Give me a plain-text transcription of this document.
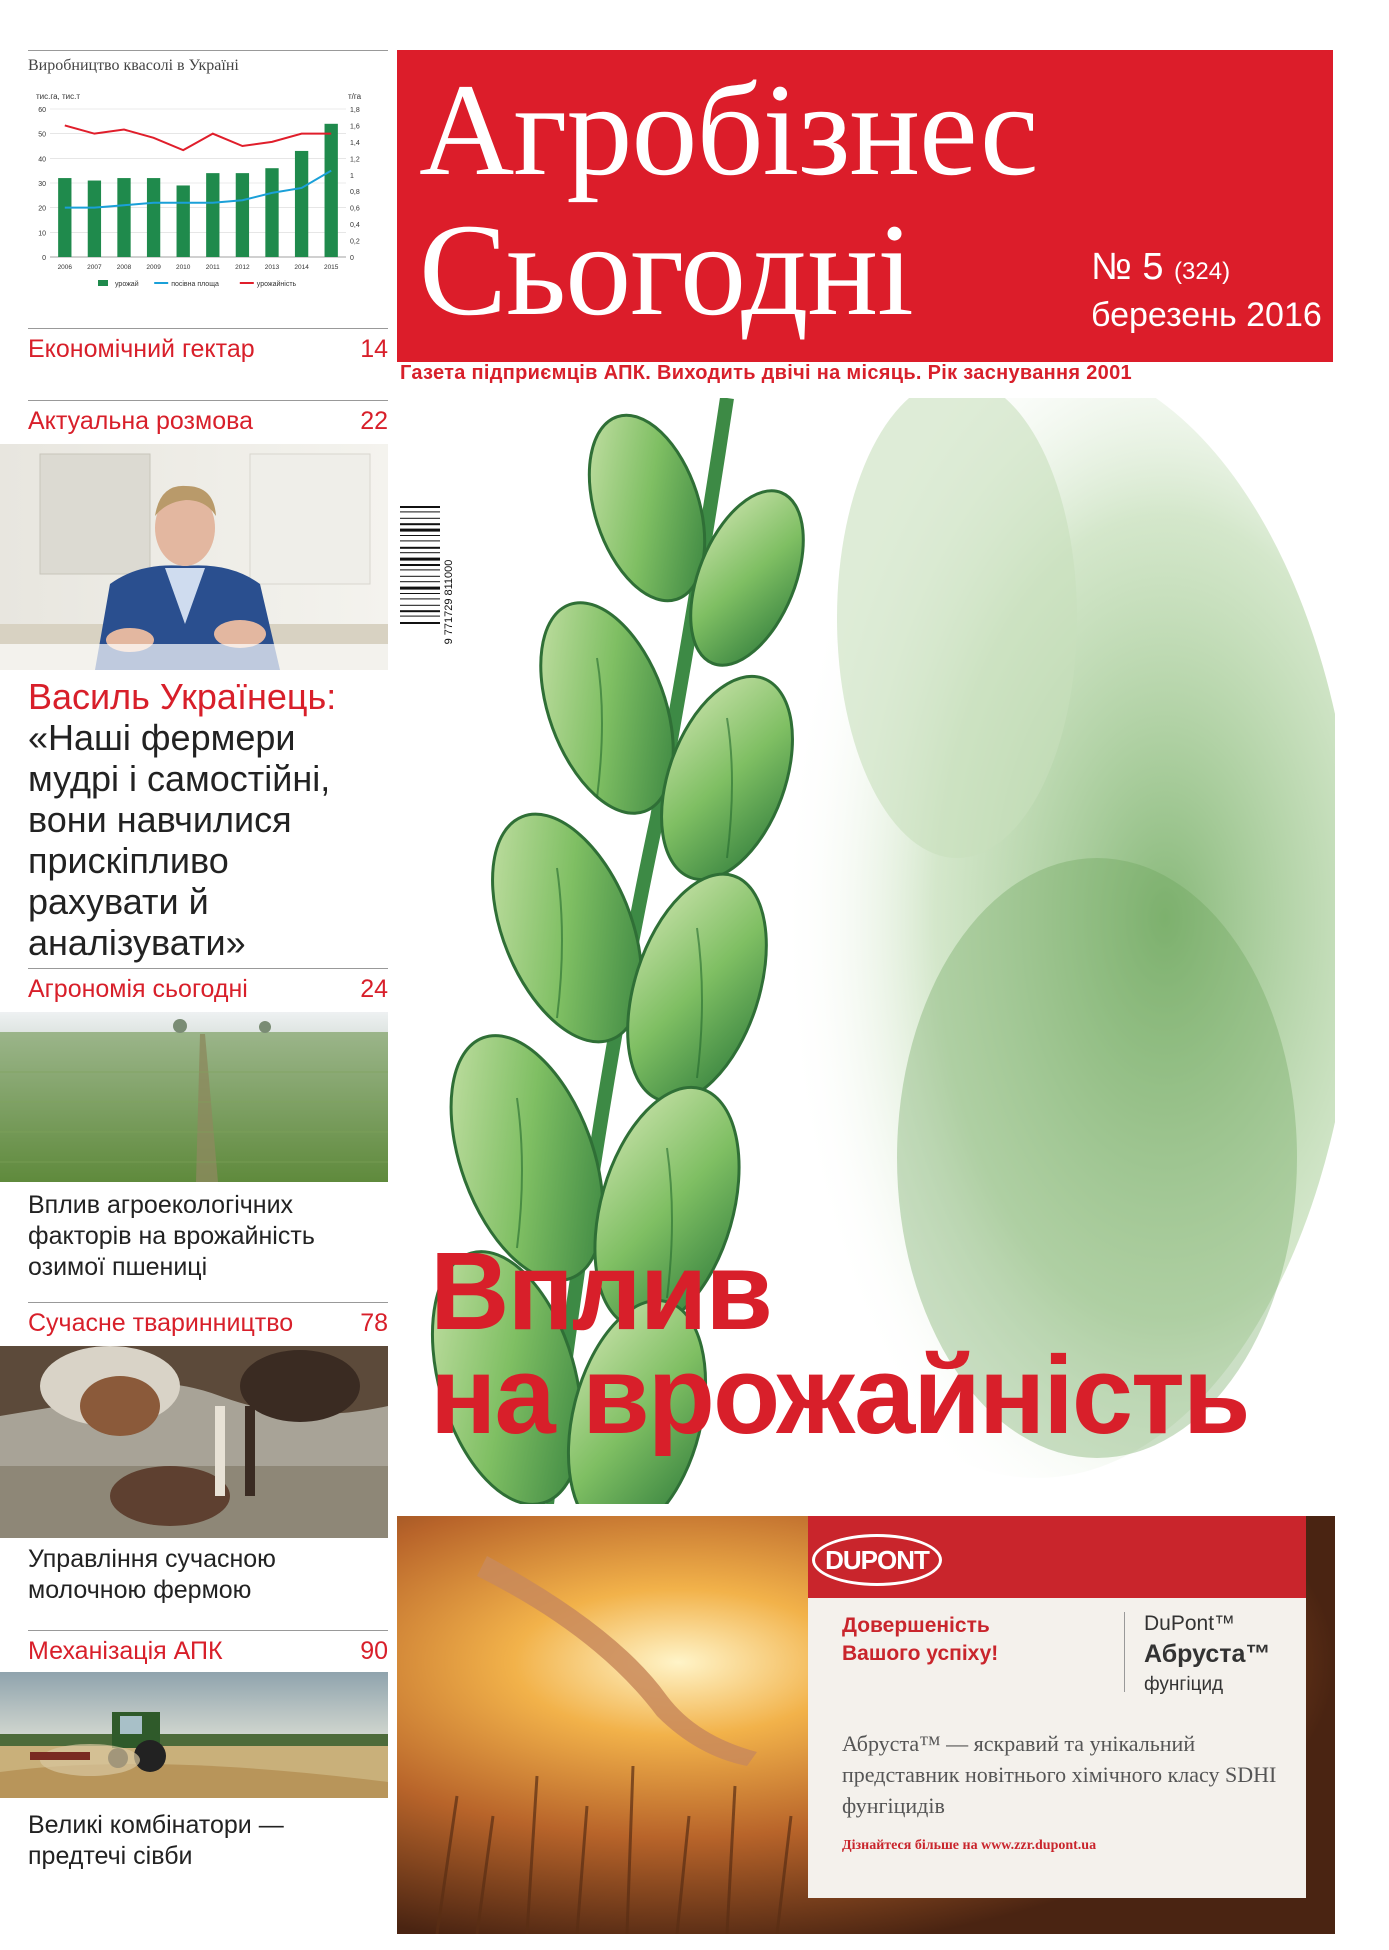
Виробництво квасолі в Україні
тис.га, тис.т	т/га
0
10
20
30
40
50
60
0
0,2
0,4
0,6
0,8
1
1,2
1,4
1,6
1,8
2006 2007 2008 2009 2010 2011 2012 2013 2014 2015
урожай	посівна площа	урожайність
Економічний гектар	14
Актуальна розмова	22
Василь Українець:
«Наші фермери мудрі і самостійні, вони навчилися прискіпливо рахувати й аналізувати»
Агрономія сьогодні	24
Вплив агроекологічних факторів на врожайність озимої пшениці
Сучасне тваринництво	78
Управління сучасною молочною фермою
Механізація АПК	90
Великі комбінатори — предтечі сівби
Агробізнес
Сьогодні	№ 5 (324)
березень 2016
Газета підприємців АПК. Виходить двічі на місяць. Рік заснування 2001
9 771729 811000
Вплив
на врожайність
DUPONT
Довершеність Вашого успіху!
DuPont™
Абруста™
фунгіцид
Абруста™ — яскравий та унікальний представник новітнього хімічного класу SDHI фунгіцидів
Дізнайтеся більше на www.zzr.dupont.ua
